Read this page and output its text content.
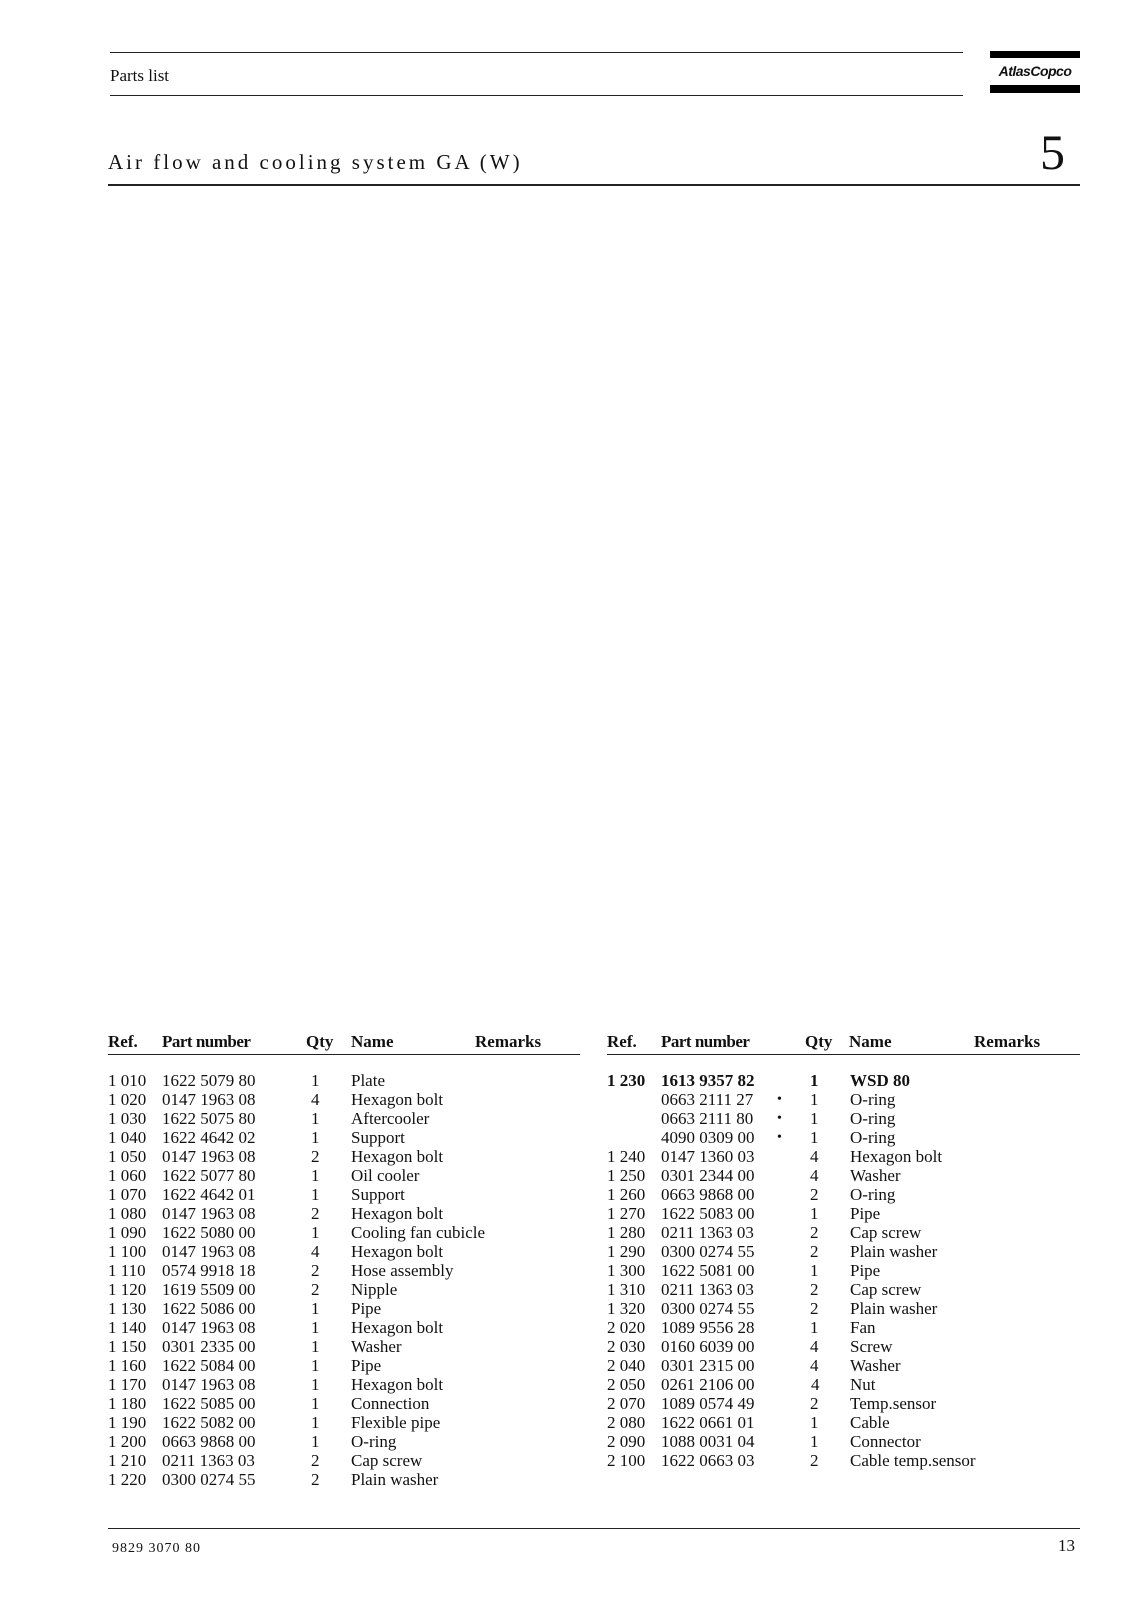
Parts list	AtlasCopco
Air flow and cooling system GA (W)	5
Ref. Part number	Qty Name	Remarks
1 010 1622 5079 80	1 Plate
1 020 0147 1963 08	4 Hexagon bolt
1 030 1622 5075 80	1 Aftercooler
1 040 1622 4642 02	1 Support
1 050 0147 1963 08	2 Hexagon bolt
1 060 1622 5077 80	1 Oil cooler
1 070 1622 4642 01	1 Support
1 080 0147 1963 08	2 Hexagon bolt
1 090 1622 5080 00	1 Cooling fan cubicle
1 100 0147 1963 08	4 Hexagon bolt
1 110 0574 9918 18	2 Hose assembly
1 120 1619 5509 00	2 Nipple
1 130 1622 5086 00	1 Pipe
1 140 0147 1963 08	1 Hexagon bolt
1 150 0301 2335 00	1 Washer
1 160 1622 5084 00	1 Pipe
1 170 0147 1963 08	1 Hexagon bolt
1 180 1622 5085 00	1 Connection
1 190 1622 5082 00	1 Flexible pipe
1 200 0663 9868 00	1 O-ring
1 210 0211 1363 03	2 Cap screw
1 220 0300 0274 55	2 Plain washer
Ref. Part number	Qty Name	Remarks
1 230 1613 9357 82	1 WSD 80
0663 2111 27 • 1 O-ring
0663 2111 80 • 1 O-ring
4090 0309 00 • 1 O-ring
1 240 0147 1360 03	4 Hexagon bolt
1 250 0301 2344 00	4 Washer
1 260 0663 9868 00	2 O-ring
1 270 1622 5083 00	1 Pipe
1 280 0211 1363 03	2 Cap screw
1 290 0300 0274 55	2 Plain washer
1 300 1622 5081 00	1 Pipe
1 310 0211 1363 03	2 Cap screw
1 320 0300 0274 55	2 Plain washer
2 020 1089 9556 28	1 Fan
2 030 0160 6039 00	4 Screw
2 040 0301 2315 00	4 Washer
2 050 0261 2106 00	4 Nut
2 070 1089 0574 49	2 Temp.sensor
2 080 1622 0661 01	1 Cable
2 090 1088 0031 04	1 Connector
2 100 1622 0663 03	2 Cable temp.sensor
9829 3070 80	13
